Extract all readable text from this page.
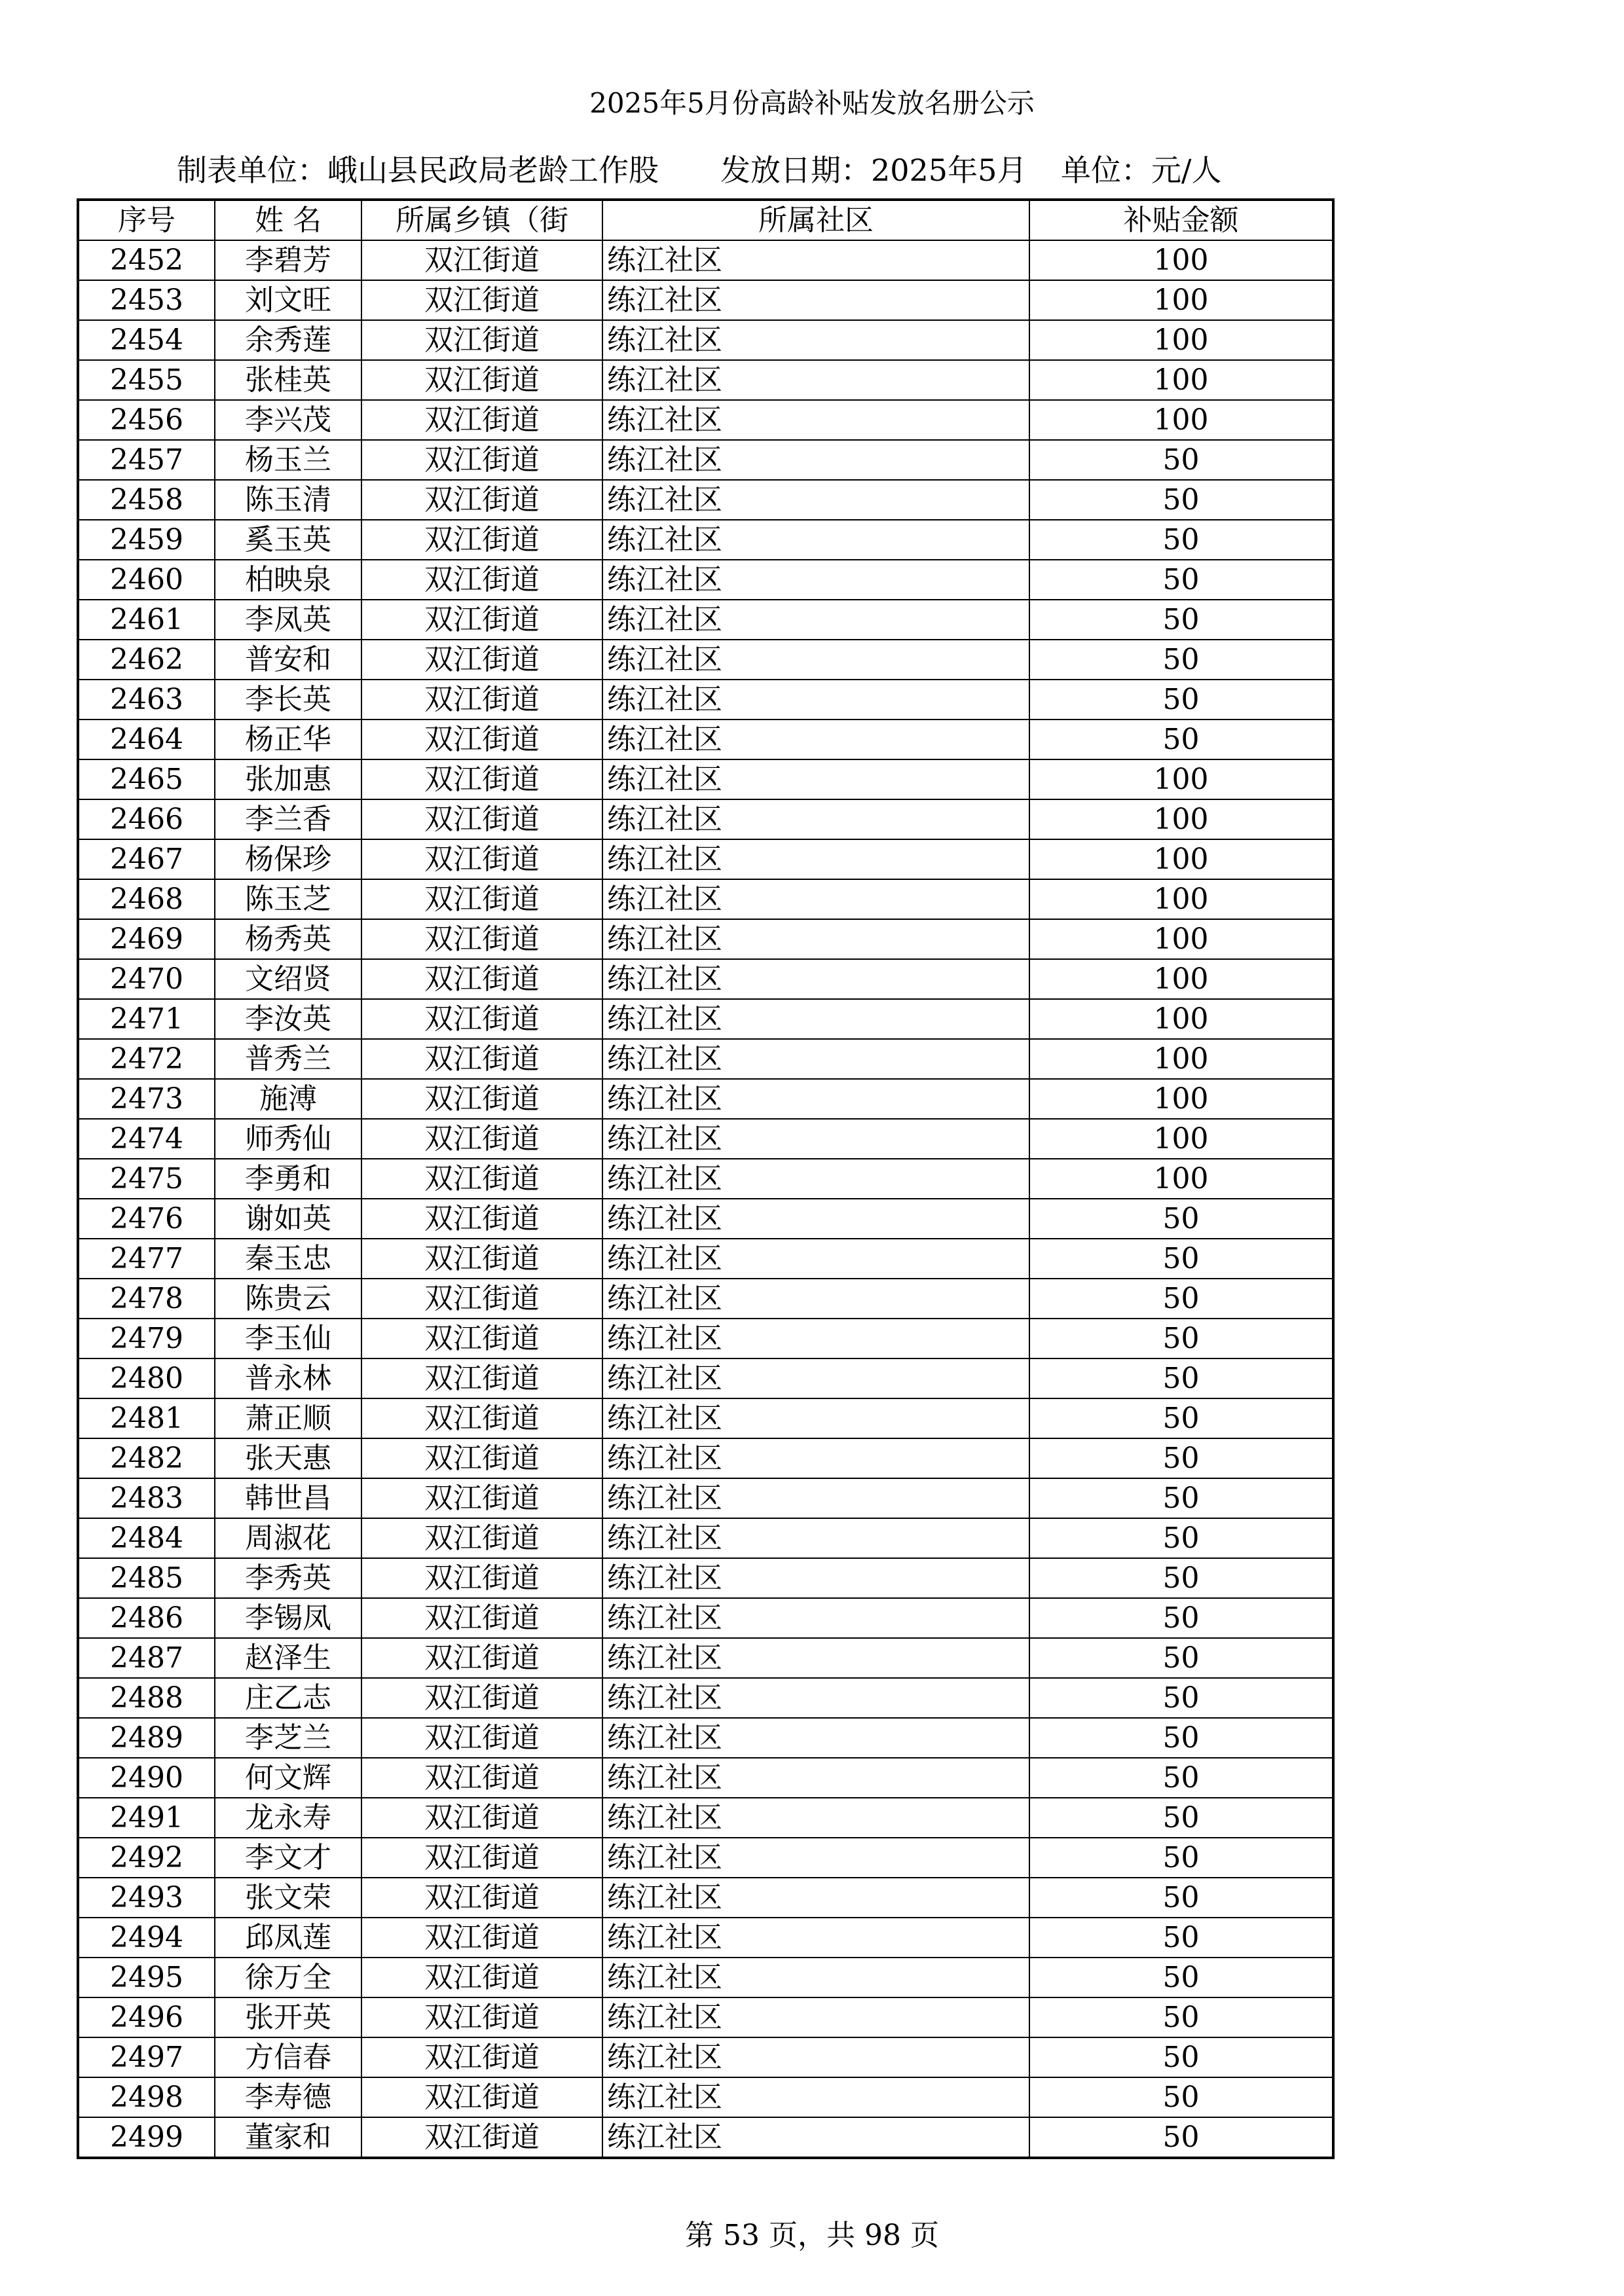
2025年5月份高龄补贴发放名册公示
制表单位：峨山县民政局老龄工作股 发放日期：2025年5月 单位：元/人
序号	姓 名	所属乡镇（街	所属社区	补贴金额
2452	李碧芳	双江街道	练江社区	100
2453	刘文旺	双江街道	练江社区	100
2454	余秀莲	双江街道	练江社区	100
2455	张桂英	双江街道	练江社区	100
2456	李兴茂	双江街道	练江社区	100
2457	杨玉兰	双江街道	练江社区	50
2458	陈玉清	双江街道	练江社区	50
2459	奚玉英	双江街道	练江社区	50
2460	柏映泉	双江街道	练江社区	50
2461	李凤英	双江街道	练江社区	50
2462	普安和	双江街道	练江社区	50
2463	李长英	双江街道	练江社区	50
2464	杨正华	双江街道	练江社区	50
2465	张加惠	双江街道	练江社区	100
2466	李兰香	双江街道	练江社区	100
2467	杨保珍	双江街道	练江社区	100
2468	陈玉芝	双江街道	练江社区	100
2469	杨秀英	双江街道	练江社区	100
2470	文绍贤	双江街道	练江社区	100
2471	李汝英	双江街道	练江社区	100
2472	普秀兰	双江街道	练江社区	100
2473	施溥	双江街道	练江社区	100
2474	师秀仙	双江街道	练江社区	100
2475	李勇和	双江街道	练江社区	100
2476	谢如英	双江街道	练江社区	50
2477	秦玉忠	双江街道	练江社区	50
2478	陈贵云	双江街道	练江社区	50
2479	李玉仙	双江街道	练江社区	50
2480	普永林	双江街道	练江社区	50
2481	萧正顺	双江街道	练江社区	50
2482	张天惠	双江街道	练江社区	50
2483	韩世昌	双江街道	练江社区	50
2484	周淑花	双江街道	练江社区	50
2485	李秀英	双江街道	练江社区	50
2486	李锡凤	双江街道	练江社区	50
2487	赵泽生	双江街道	练江社区	50
2488	庄乙志	双江街道	练江社区	50
2489	李芝兰	双江街道	练江社区	50
2490	何文辉	双江街道	练江社区	50
2491	龙永寿	双江街道	练江社区	50
2492	李文才	双江街道	练江社区	50
2493	张文荣	双江街道	练江社区	50
2494	邱凤莲	双江街道	练江社区	50
2495	徐万全	双江街道	练江社区	50
2496	张开英	双江街道	练江社区	50
2497	方信春	双江街道	练江社区	50
2498	李寿德	双江街道	练江社区	50
2499	董家和	双江街道	练江社区	50
第 53 页，共 98 页
